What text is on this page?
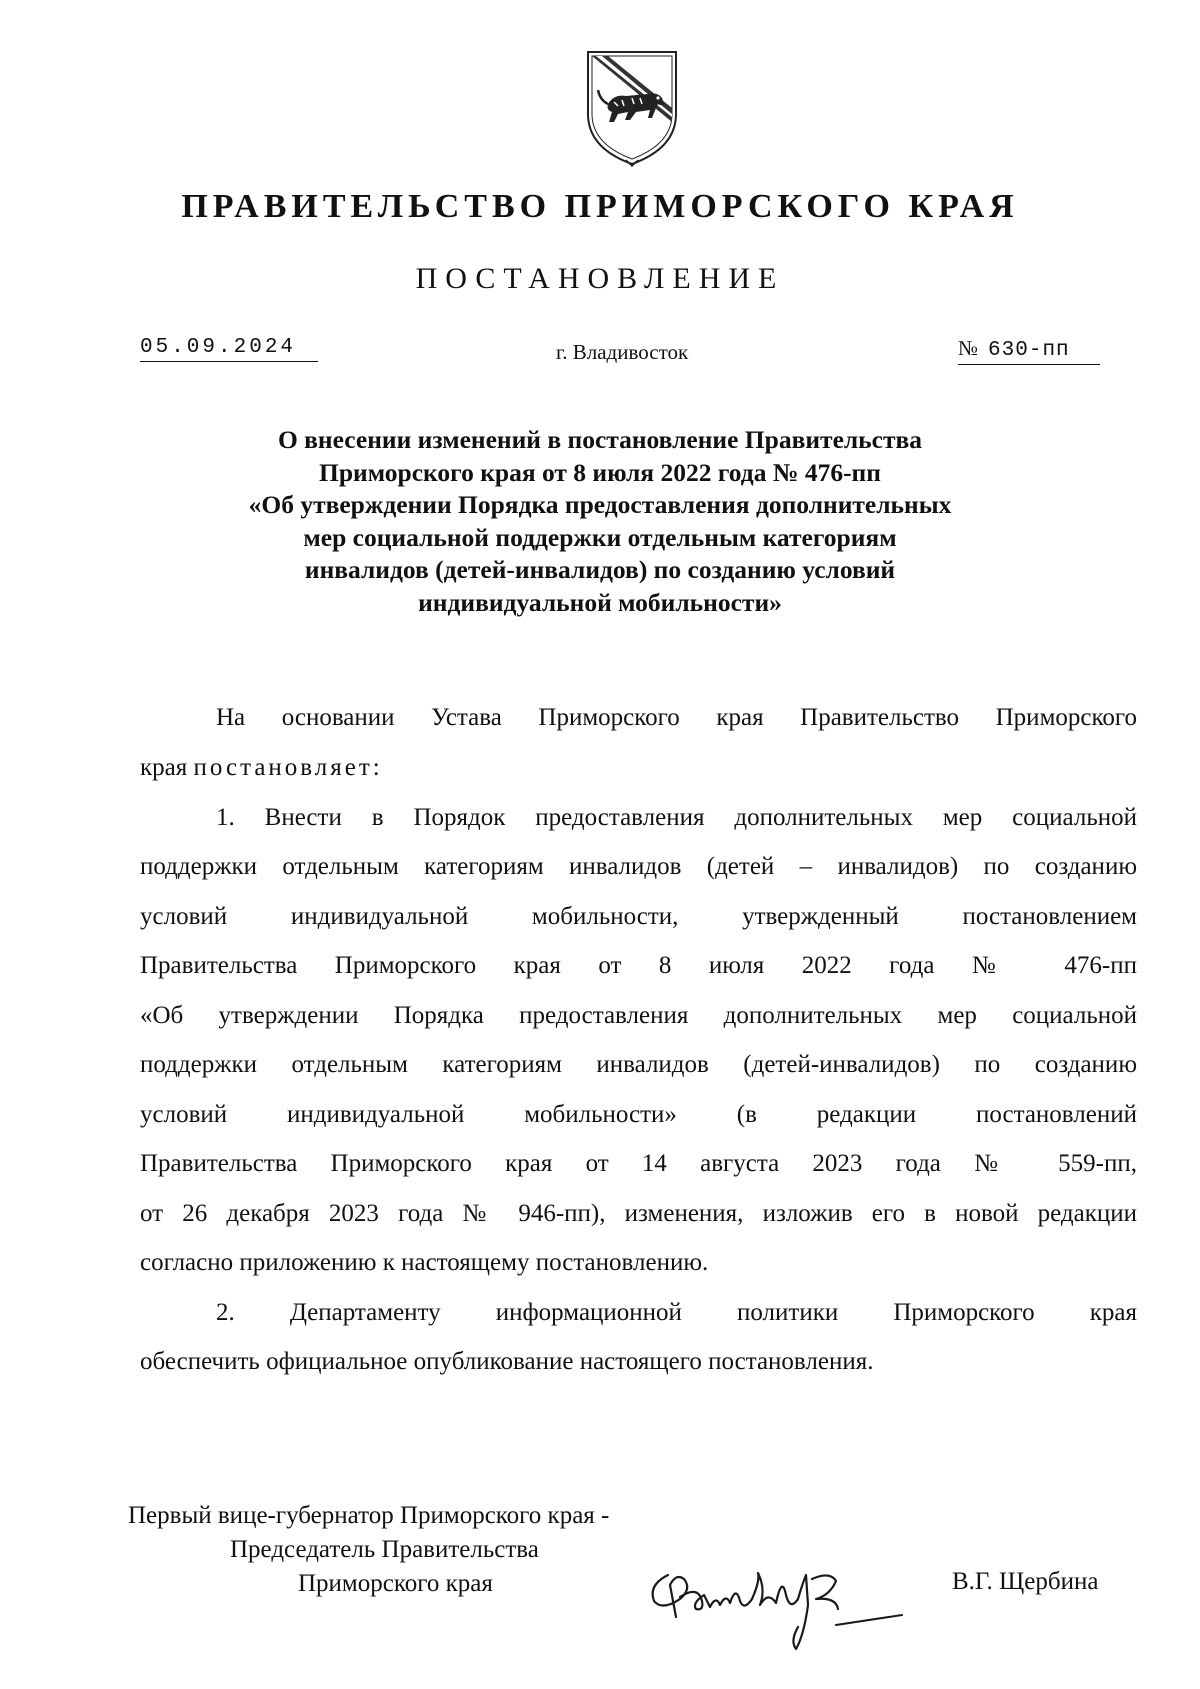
ПРАВИТЕЛЬСТВО ПРИМОРСКОГО КРАЯ
ПОСТАНОВЛЕНИЕ
05.09.2024	г. Владивосток	№ 630-пп
О внесении изменений в постановление Правительства
Приморского края от 8 июля 2022 года № 476-пп
«Об утверждении Порядка предоставления дополнительных
мер социальной поддержки отдельным категориям
инвалидов (детей-инвалидов) по созданию условий
индивидуальной мобильности»
На основании Устава Приморского края Правительство Приморского
края постановляет:
1. Внести в Порядок предоставления дополнительных мер социальной
поддержки отдельным категориям инвалидов (детей – инвалидов) по созданию
условий индивидуальной мобильности, утвержденный постановлением
Правительства Приморского края от 8 июля 2022 года № 476-пп
«Об утверждении Порядка предоставления дополнительных мер социальной
поддержки отдельным категориям инвалидов (детей-инвалидов) по созданию
условий индивидуальной мобильности» (в редакции постановлений
Правительства Приморского края от 14 августа 2023 года № 559-пп,
от 26 декабря 2023 года № 946-пп), изменения, изложив его в новой редакции
согласно приложению к настоящему постановлению.
2. Департаменту информационной политики Приморского края
обеспечить официальное опубликование настоящего постановления.
Первый вице-губернатор Приморского края -
Председатель Правительства
Приморского края	В.Г. Щербина
